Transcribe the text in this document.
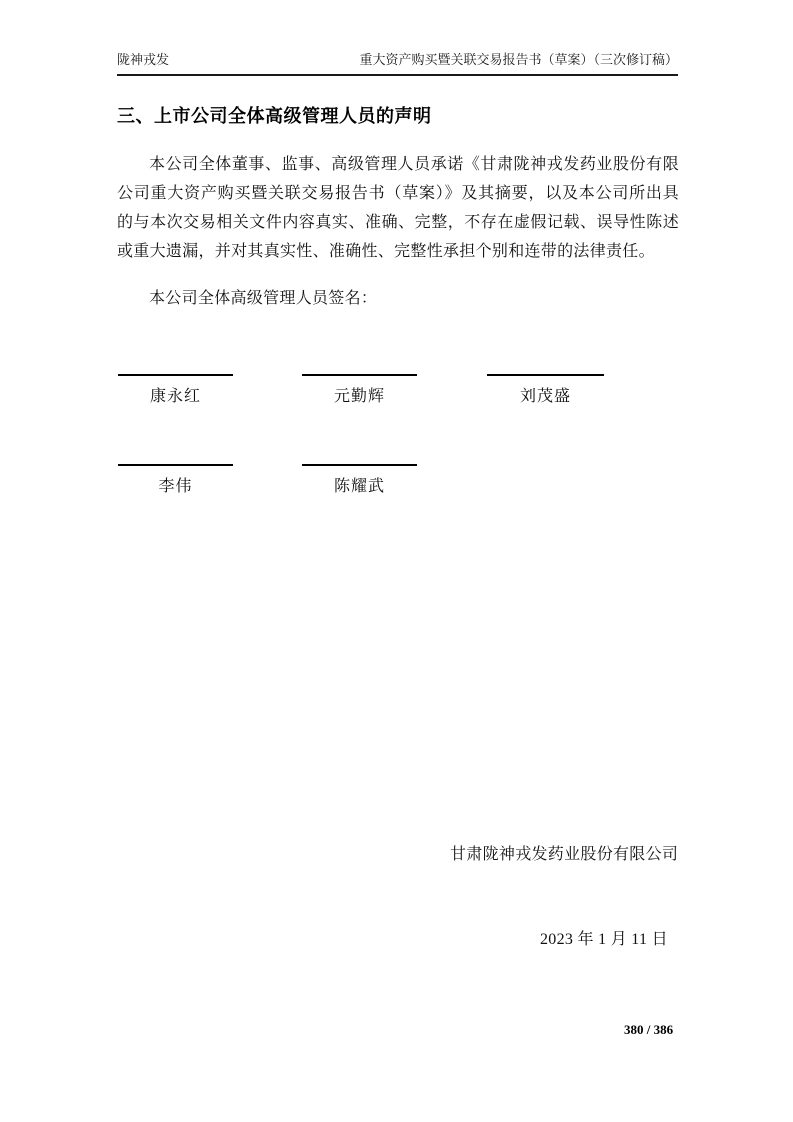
陇神戎发	重大资产购买暨关联交易报告书（草案）（三次修订稿）
三、上市公司全体高级管理人员的声明
本公司全体董事、监事、高级管理人员承诺《甘肃陇神戎发药业股份有限公司重大资产购买暨关联交易报告书（草案）》及其摘要，以及本公司所出具的与本次交易相关文件内容真实、准确、完整，不存在虚假记载、误导性陈述或重大遗漏，并对其真实性、准确性、完整性承担个别和连带的法律责任。
本公司全体高级管理人员签名：
康永红	元勤辉	刘茂盛
李伟	陈耀武
甘肃陇神戎发药业股份有限公司
2023 年 1 月 11 日
380 / 386
